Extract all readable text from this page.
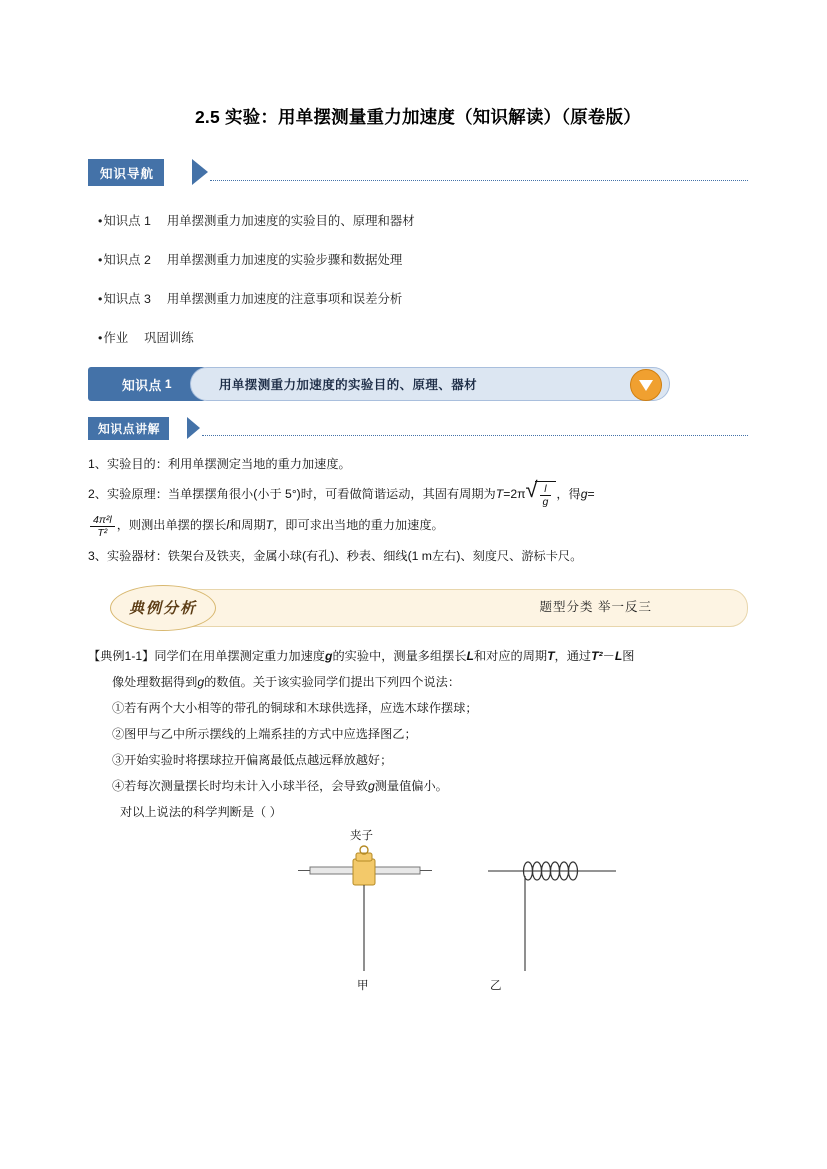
2.5 实验：用单摆测量重力加速度（知识解读）（原卷版）
知识导航
•知识点 1 用单摆测重力加速度的实验目的、原理和器材
•知识点 2 用单摆测重力加速度的实验步骤和数据处理
•知识点 3 用单摆测重力加速度的注意事项和误差分析
•作业 巩固训练
知识点 1	用单摆测重力加速度的实验目的、原理、器材
知识点讲解
1、实验目的：利用单摆测定当地的重力加速度。
2、实验原理：当单摆摆角很小(小于 5°)时，可看做简谐运动，其固有周期为T=2π √ $\frac{l}{g}$ ，得g=
$\frac{\text{4π²l}}{\text{T²}}$ ，则测出单摆的摆长l和周期T，即可求出当地的重力加速度。
3、实验器材：铁架台及铁夹，金属小球(有孔)、秒表、细线(1 m左右)、刻度尺、游标卡尺。
典例分析	题型分类 举一反三
【典例1-1】同学们在用单摆测定重力加速度g的实验中，测量多组摆长L和对应的周期T，通过T²－L图
像处理数据得到g的数值。关于该实验同学们提出下列四个说法：
①若有两个大小相等的带孔的铜球和木球供选择，应选木球作摆球；
②图甲与乙中所示摆线的上端系挂的方式中应选择图乙；
③开始实验时将摆球拉开偏离最低点越远释放越好；
④若每次测量摆长时均未计入小球半径，会导致g测量值偏小。
对以上说法的科学判断是（ ）
夹子
甲	乙
